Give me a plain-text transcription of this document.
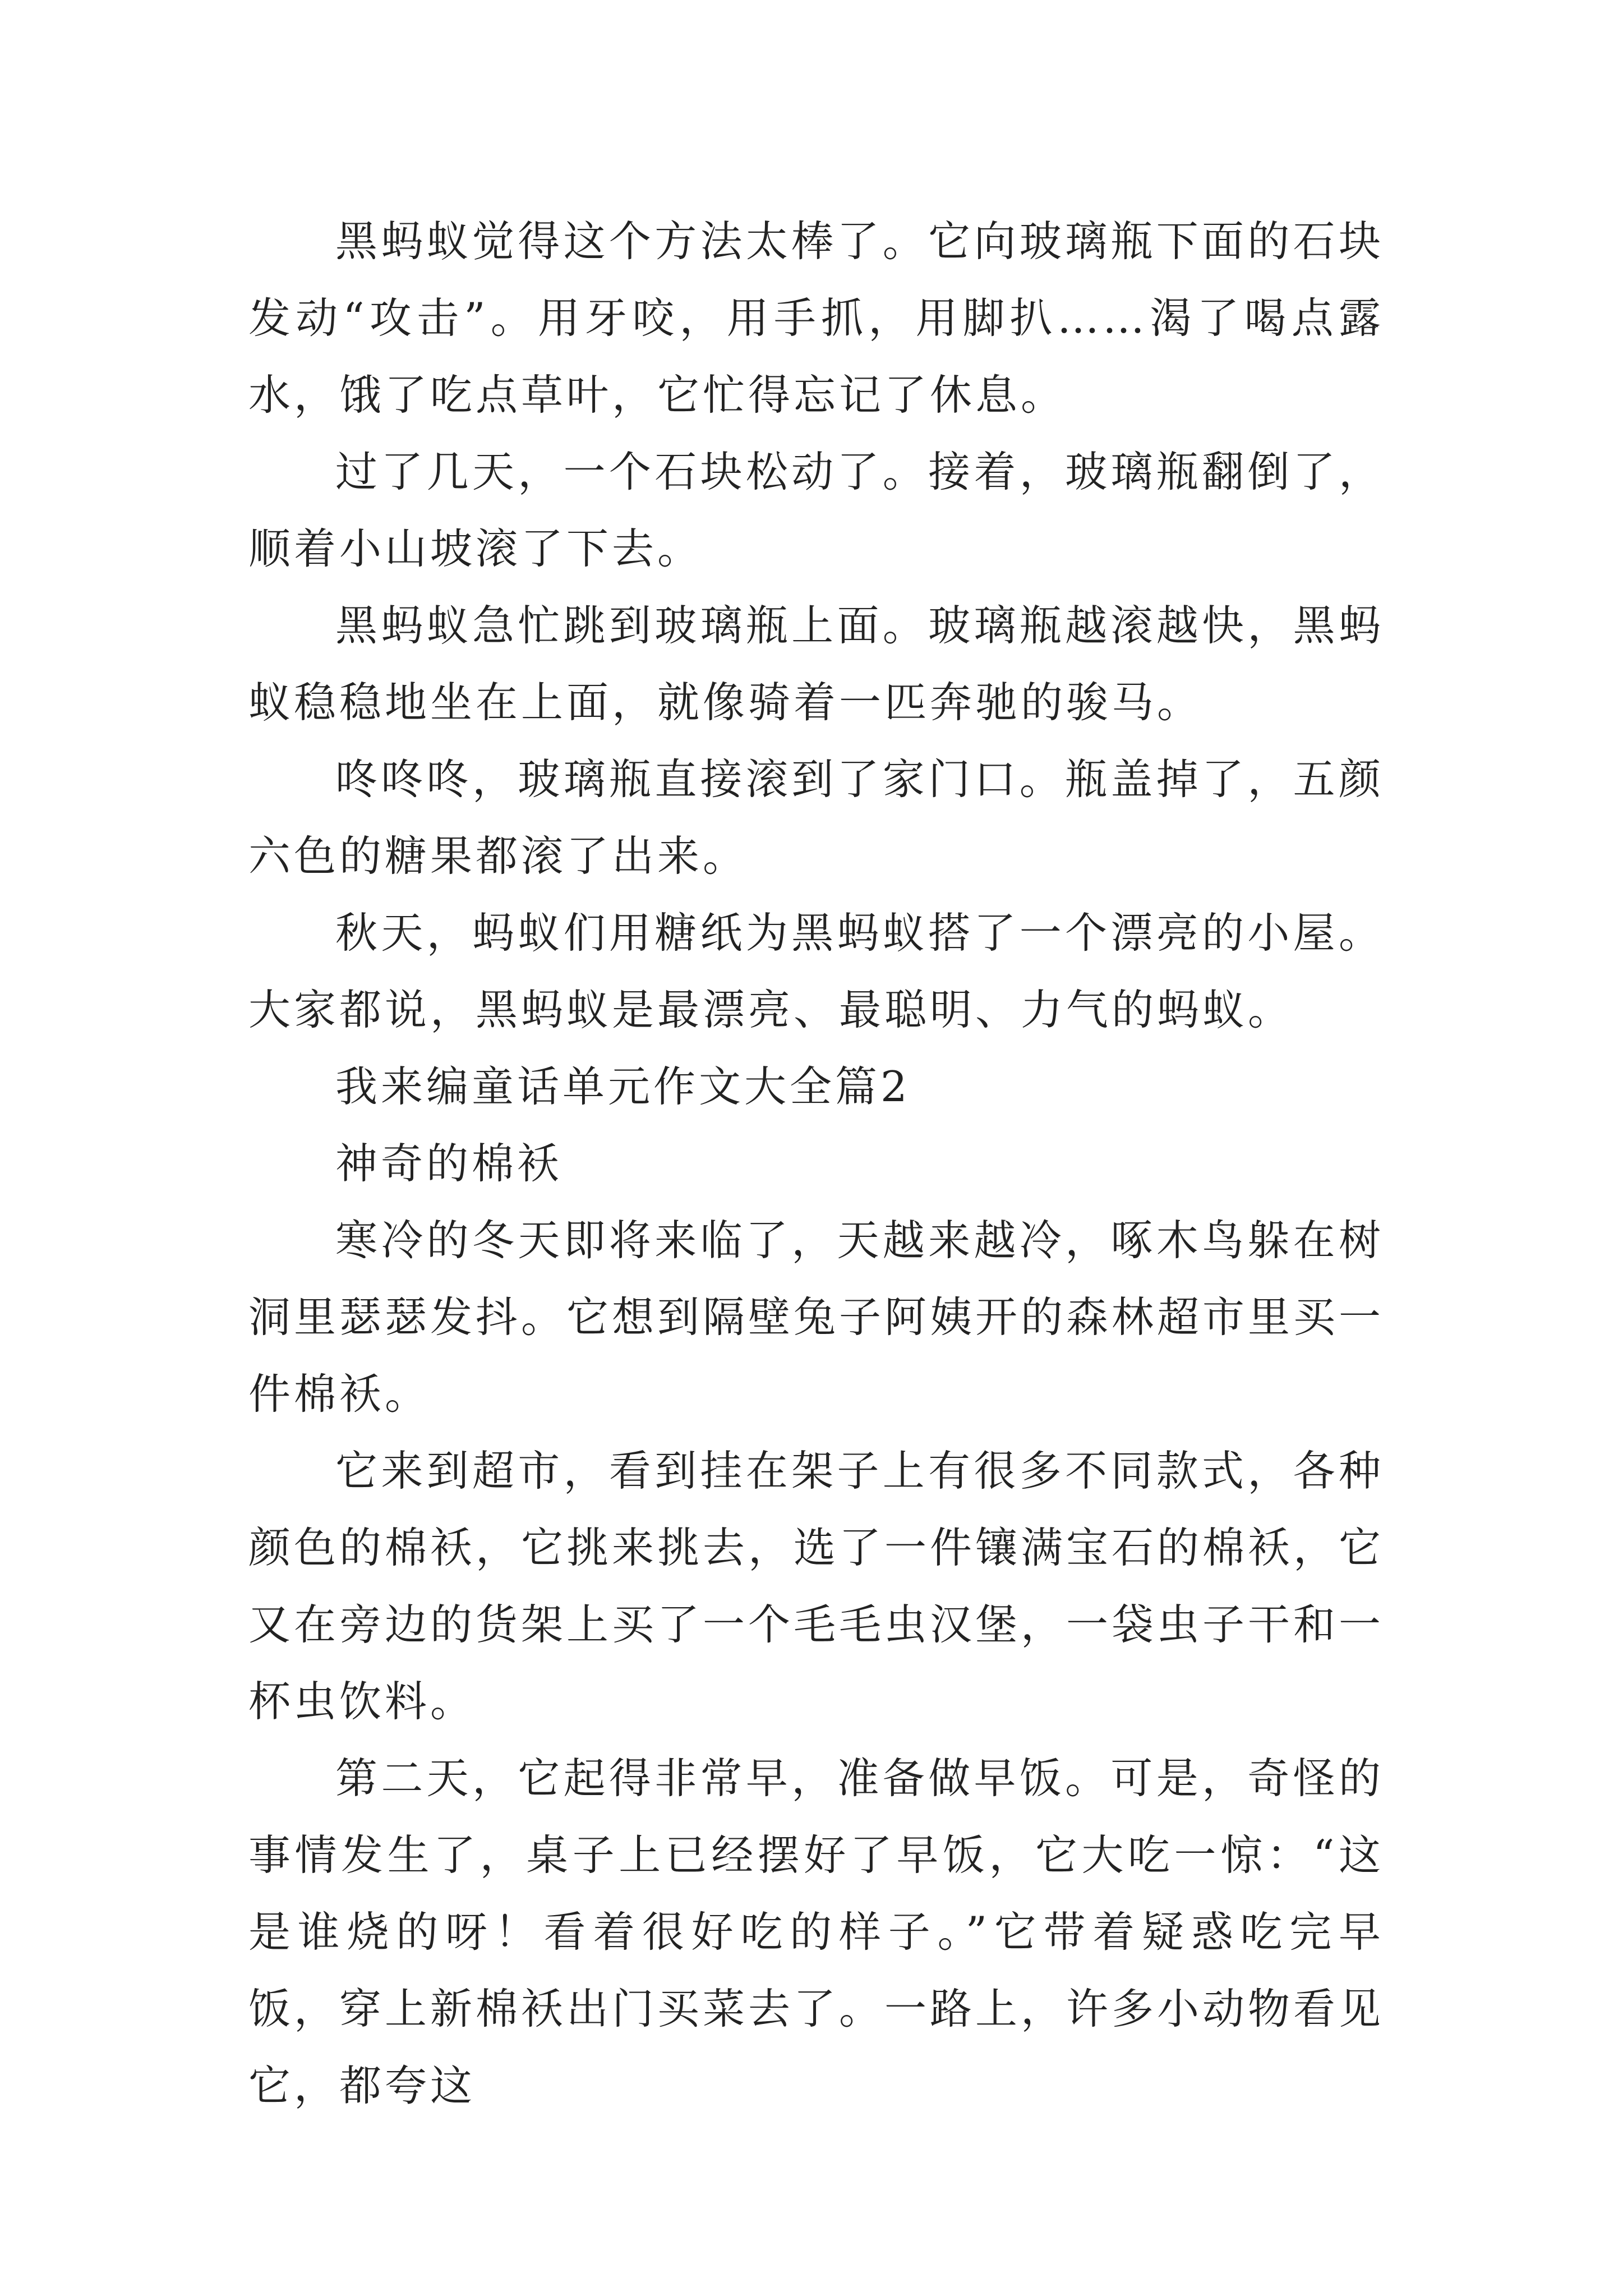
黑蚂蚁觉得这个方法太棒了。它向玻璃瓶下面的石块发动“攻击”。用牙咬，用手抓，用脚扒……渴了喝点露水，饿了吃点草叶，它忙得忘记了休息。

过了几天，一个石块松动了。接着，玻璃瓶翻倒了，顺着小山坡滚了下去。

黑蚂蚁急忙跳到玻璃瓶上面。玻璃瓶越滚越快，黑蚂蚁稳稳地坐在上面，就像骑着一匹奔驰的骏马。

咚咚咚，玻璃瓶直接滚到了家门口。瓶盖掉了，五颜六色的糖果都滚了出来。

秋天，蚂蚁们用糖纸为黑蚂蚁搭了一个漂亮的小屋。大家都说，黑蚂蚁是最漂亮、最聪明、力气的蚂蚁。

我来编童话单元作文大全篇2

神奇的棉袄

寒冷的冬天即将来临了，天越来越冷，啄木鸟躲在树洞里瑟瑟发抖。它想到隔壁兔子阿姨开的森林超市里买一件棉袄。

它来到超市，看到挂在架子上有很多不同款式，各种颜色的棉袄，它挑来挑去，选了一件镶满宝石的棉袄，它又在旁边的货架上买了一个毛毛虫汉堡，一袋虫子干和一杯虫饮料。

第二天，它起得非常早，准备做早饭。可是，奇怪的事情发生了，桌子上已经摆好了早饭，它大吃一惊：“这是谁烧的呀！看着很好吃的样子。”它带着疑惑吃完早饭，穿上新棉袄出门买菜去了。一路上，许多小动物看见它，都夸这
